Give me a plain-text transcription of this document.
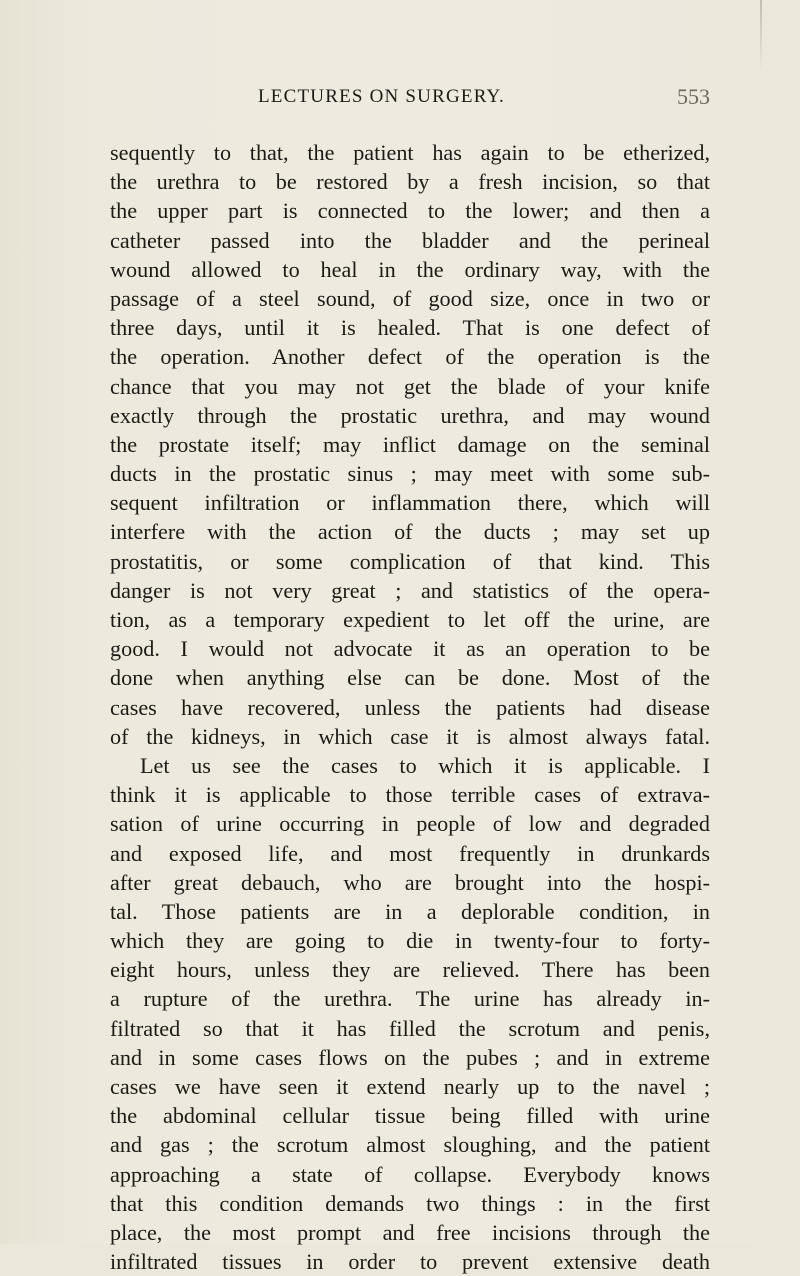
LECTURES ON SURGERY.	553
sequently to that, the patient has again to be etherized,
the urethra to be restored by a fresh incision, so that
the upper part is connected to the lower; and then a
catheter passed into the bladder and the perineal
wound allowed to heal in the ordinary way, with the
passage of a steel sound, of good size, once in two or
three days, until it is healed. That is one defect of
the operation. Another defect of the operation is the
chance that you may not get the blade of your knife
exactly through the prostatic urethra, and may wound
the prostate itself; may inflict damage on the seminal
ducts in the prostatic sinus ; may meet with some sub-
sequent infiltration or inflammation there, which will
interfere with the action of the ducts ; may set up
prostatitis, or some complication of that kind. This
danger is not very great ; and statistics of the opera-
tion, as a temporary expedient to let off the urine, are
good. I would not advocate it as an operation to be
done when anything else can be done. Most of the
cases have recovered, unless the patients had disease
of the kidneys, in which case it is almost always fatal.
Let us see the cases to which it is applicable. I
think it is applicable to those terrible cases of extrava-
sation of urine occurring in people of low and degraded
and exposed life, and most frequently in drunkards
after great debauch, who are brought into the hospi-
tal. Those patients are in a deplorable condition, in
which they are going to die in twenty-four to forty-
eight hours, unless they are relieved. There has been
a rupture of the urethra. The urine has already in-
filtrated so that it has filled the scrotum and penis,
and in some cases flows on the pubes ; and in extreme
cases we have seen it extend nearly up to the navel ;
the abdominal cellular tissue being filled with urine
and gas ; the scrotum almost sloughing, and the patient
approaching a state of collapse. Everybody knows
that this condition demands two things : in the first
place, the most prompt and free incisions through the
infiltrated tissues in order to prevent extensive death
